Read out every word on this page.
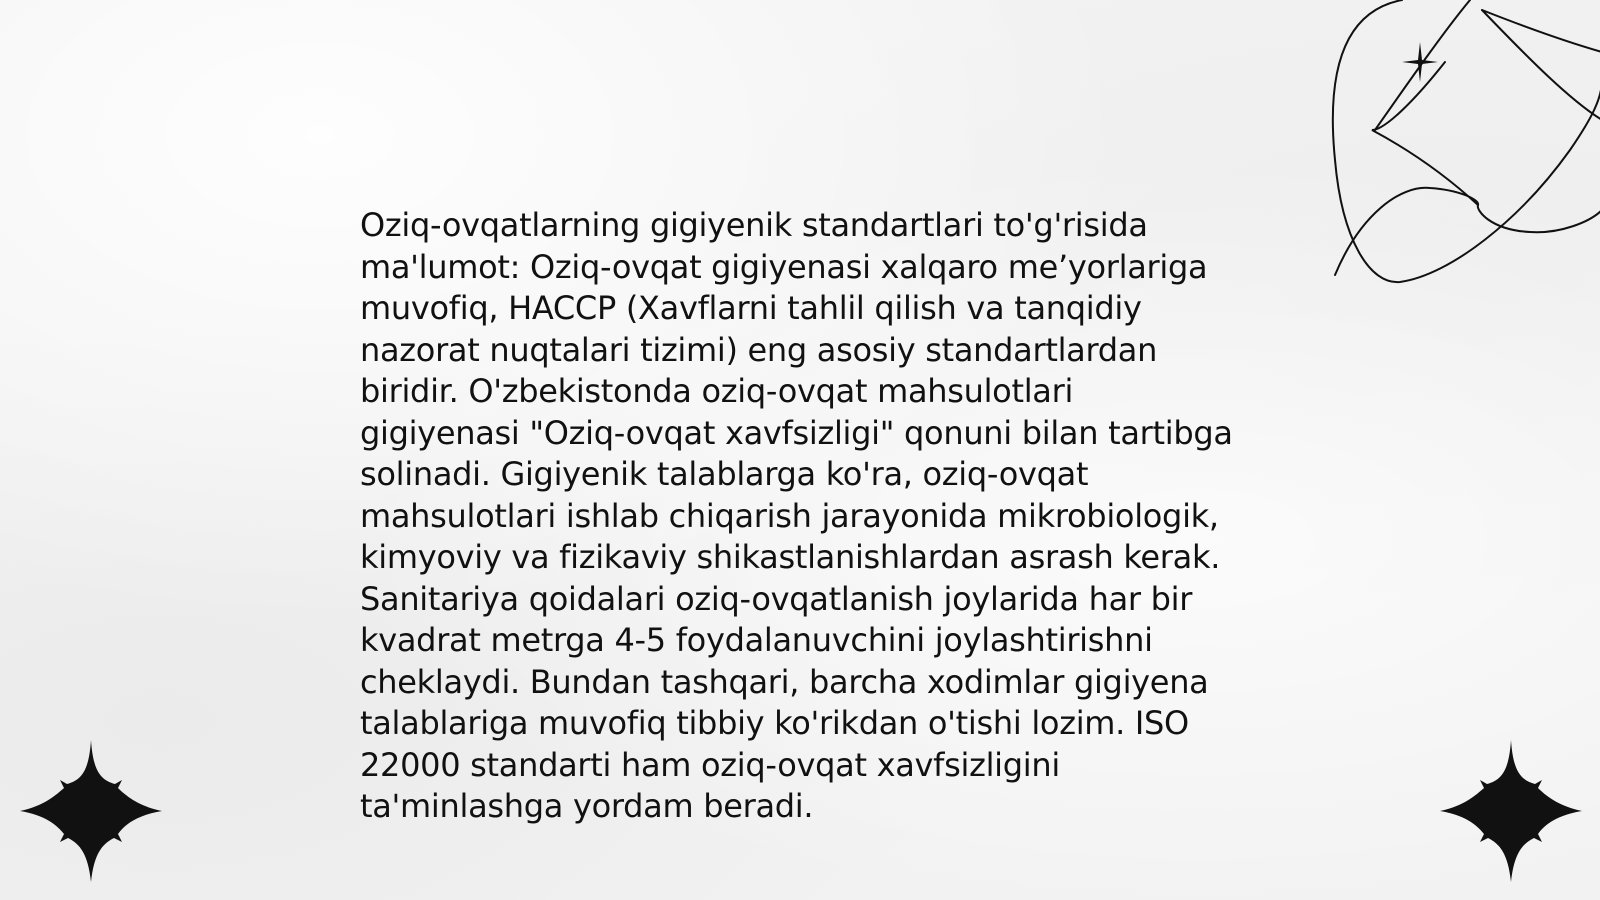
Oziq-ovqatlarning gigiyenik standartlari to'g'risida ma'lumot: Oziq-ovqat gigiyenasi xalqaro me’yorlariga muvofiq, HACCP (Xavflarni tahlil qilish va tanqidiy nazorat nuqtalari tizimi) eng asosiy standartlardan biridir. O'zbekistonda oziq-ovqat mahsulotlari gigiyenasi "Oziq-ovqat xavfsizligi" qonuni bilan tartibga solinadi. Gigiyenik talablarga ko'ra, oziq-ovqat mahsulotlari ishlab chiqarish jarayonida mikrobiologik, kimyoviy va fizikaviy shikastlanishlardan asrash kerak. Sanitariya qoidalari oziq-ovqatlanish joylarida har bir kvadrat metrga 4-5 foydalanuvchini joylashtirishni cheklaydi. Bundan tashqari, barcha xodimlar gigiyena talablariga muvofiq tibbiy ko'rikdan o'tishi lozim. ISO 22000 standarti ham oziq-ovqat xavfsizligini ta'minlashga yordam beradi.
